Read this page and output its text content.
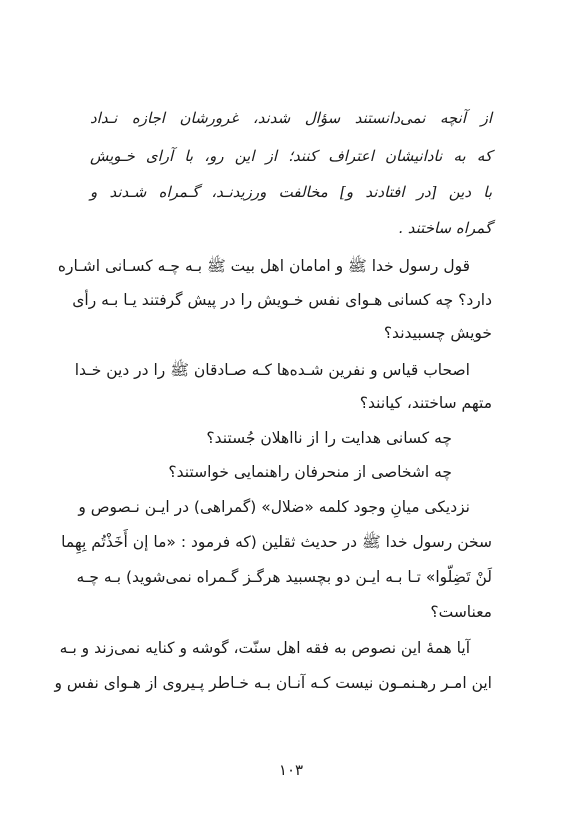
از آنچه نمی‌دانستند سؤال شدند، غرورشان اجازه نـداد
که به نادانیشان اعتراف کنند؛ از این رو، با آرای خـویش
با دین [در افتادند و] مخالفت ورزیدنـد، گـمراه شـدند و
گمراه ساختند .
قول رسول خدا ﷺ و امامان اهل بیت ﷺ بـه چـه کسـانی اشـاره
دارد؟ چه کسانی هـوای نفس خـویش را در پیش گرفتند یـا بـه رأی
خویش چسبیدند؟
اصحاب قیاس و نفرین شـده‌ها کـه صـادقان ﷺ را در دین خـدا
متهم ساختند، کیانند؟
چه کسانی هدایت را از نااهلان جُستند؟
چه اشخاصی از منحرفان راهنمایی خواستند؟
نزدیکی میانِ وجود کلمه «ضلال» (گمراهی) در ایـن نـصوص و
سخن رسول خدا ﷺ در حدیث ثقلین (که فرمود : «ما إن أَخَذْتُم بِهِما
لَنْ تَضِلّوا» تـا بـه ایـن دو بچسبید هرگـز گـمراه نمی‌شوید) بـه چـه
معناست؟
آیا همهٔ این نصوص به فقه اهل سنّت، گوشه و کنایه نمی‌زند و بـه
این امـر رهـنمـون نیست کـه آنـان بـه خـاطر پـیروی از هـوای نفس و
۱۰۳
